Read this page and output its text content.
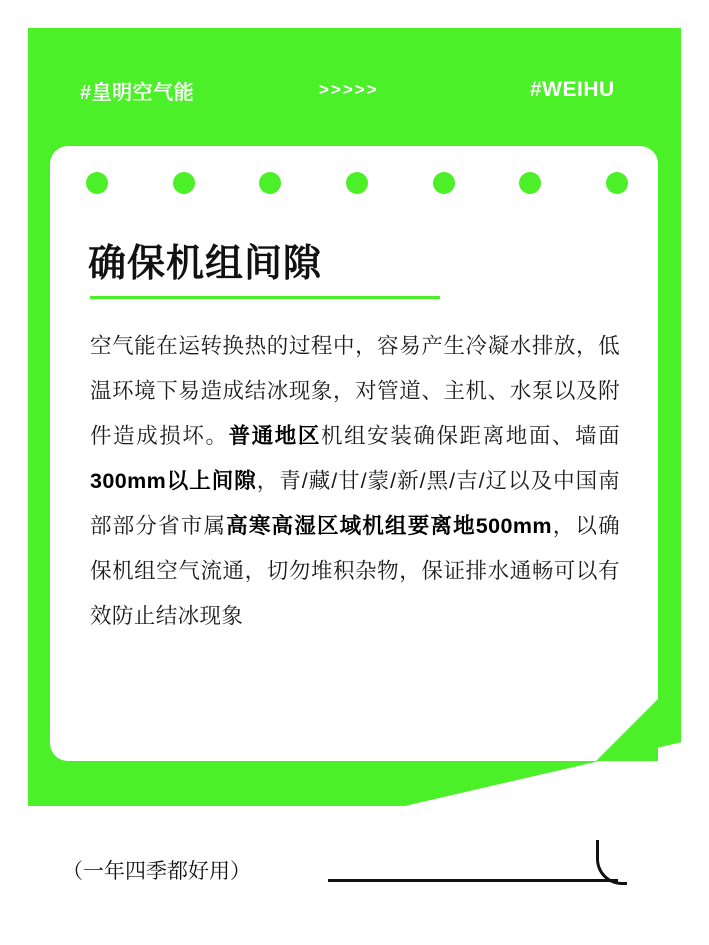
#皇明空气能	>>>>>	#WEIHU
确保机组间隙
空气能在运转换热的过程中，容易产生冷凝水排放，低温环境下易造成结冰现象，对管道、主机、水泵以及附件造成损坏。普通地区机组安装确保距离地面、墙面300mm以上间隙，青/藏/甘/蒙/新/黑/吉/辽以及中国南部部分省市属高寒高湿区域机组要离地500mm，以确保机组空气流通，切勿堆积杂物，保证排水通畅可以有效防止结冰现象
（一年四季都好用）
